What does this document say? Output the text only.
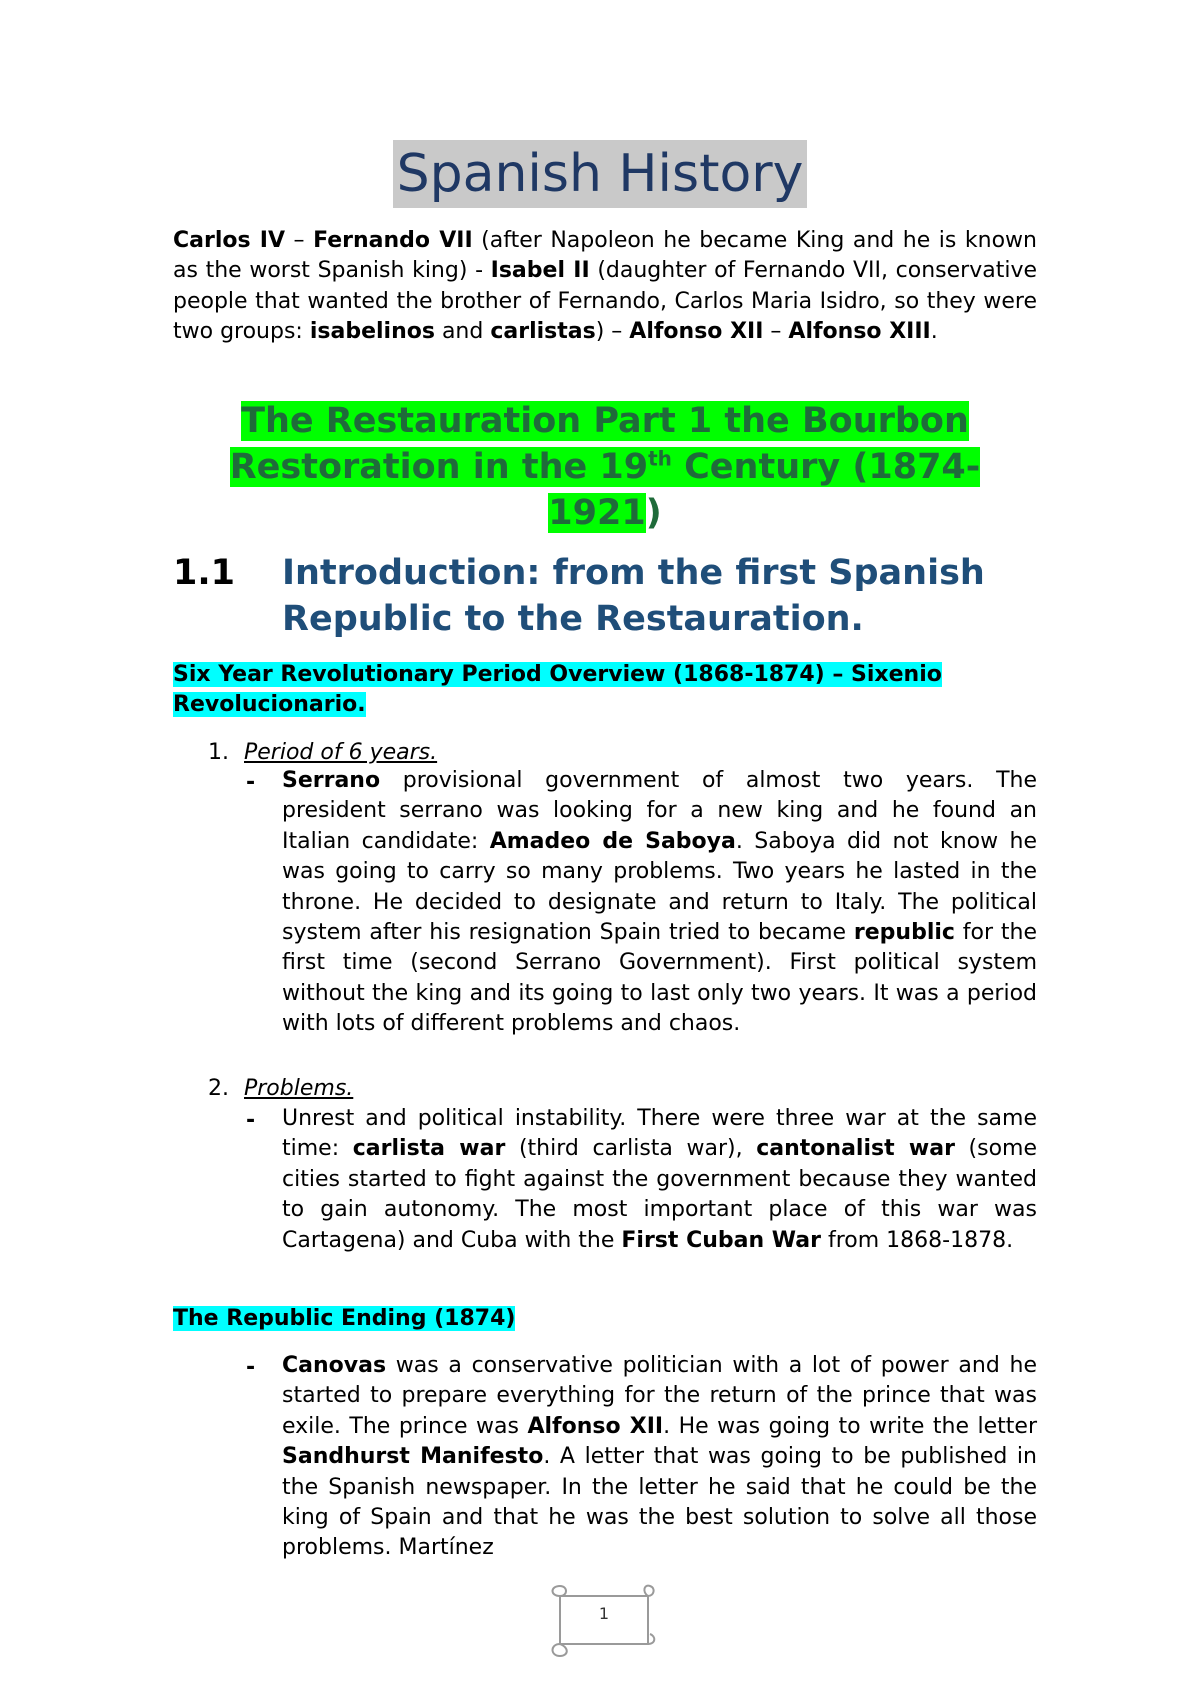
Spanish History
Carlos IV – Fernando VII (after Napoleon he became King and he is known as the worst Spanish king) - Isabel II (daughter of Fernando VII, conservative people that wanted the brother of Fernando, Carlos Maria Isidro, so they were two groups: isabelinos and carlistas) – Alfonso XII – Alfonso XIII.
The Restauration Part 1 the Bourbon
Restoration in the 19th Century (1874-
1921)
1.1 Introduction: from the first Spanish Republic to the Restauration.
Six Year Revolutionary Period Overview (1868-1874) – Sixenio Revolucionario.
1. Period of 6 years.
- Serrano provisional government of almost two years. The president serrano was looking for a new king and he found an Italian candidate: Amadeo de Saboya. Saboya did not know he was going to carry so many problems. Two years he lasted in the throne. He decided to designate and return to Italy. The political system after his resignation Spain tried to became republic for the first time (second Serrano Government). First political system without the king and its going to last only two years. It was a period with lots of different problems and chaos.
2. Problems.
- Unrest and political instability. There were three war at the same time: carlista war (third carlista war), cantonalist war (some cities started to fight against the government because they wanted to gain autonomy. The most important place of this war was Cartagena) and Cuba with the First Cuban War from 1868-1878.
The Republic Ending (1874)
- Canovas was a conservative politician with a lot of power and he started to prepare everything for the return of the prince that was exile. The prince was Alfonso XII. He was going to write the letter Sandhurst Manifesto. A letter that was going to be published in the Spanish newspaper. In the letter he said that he could be the king of Spain and that he was the best solution to solve all those problems. Martínez
1
